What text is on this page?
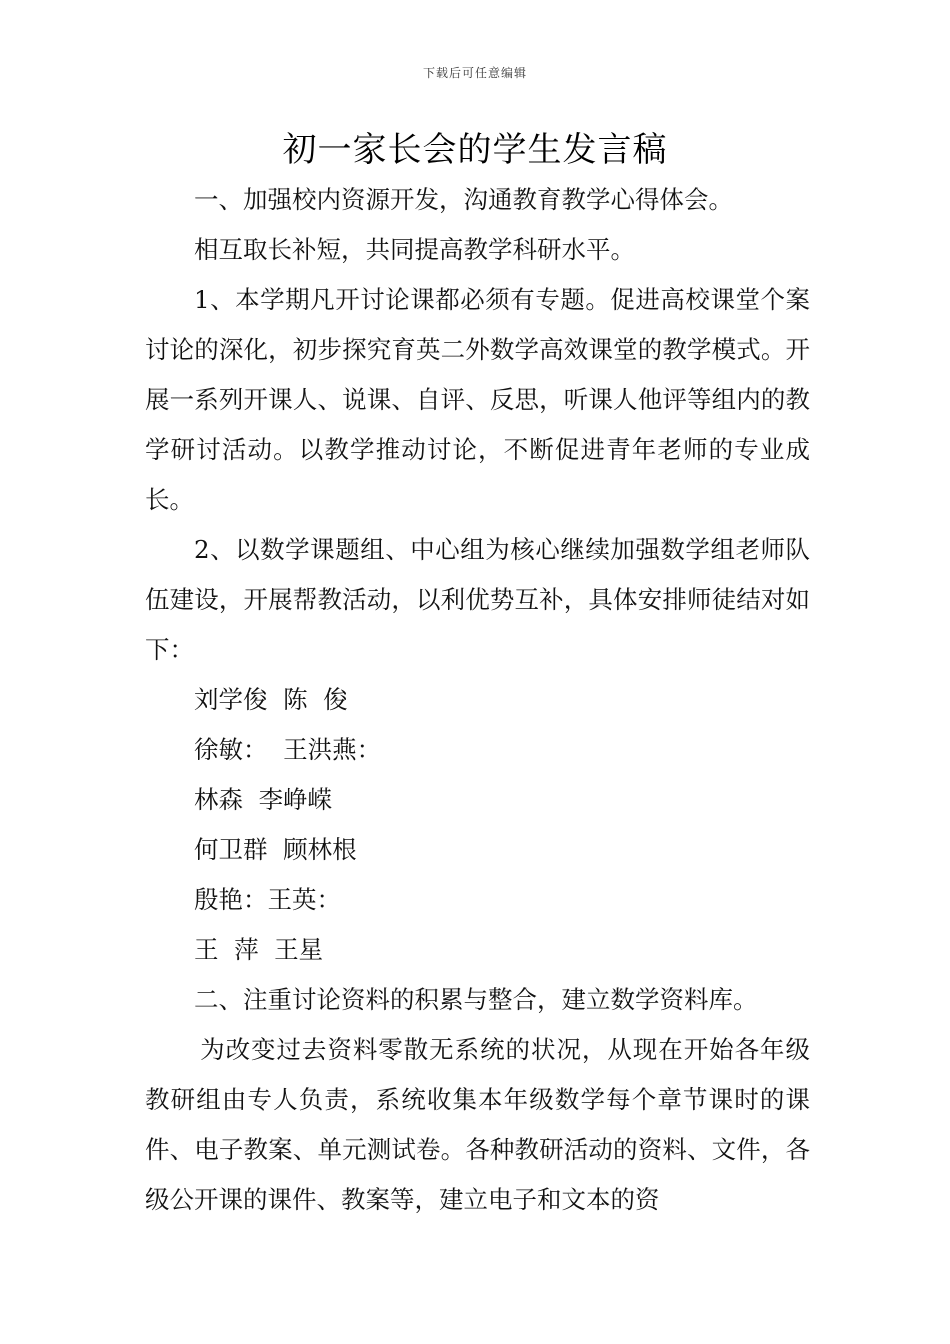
下载后可任意编辑
初一家长会的学生发言稿

一、加强校内资源开发，沟通教育教学心得体会。

相互取长补短，共同提高教学科研水平。

1、本学期凡开讨论课都必须有专题。促进高校课堂个案讨论的深化，初步探究育英二外数学高效课堂的教学模式。开展一系列开课人、说课、自评、反思，听课人他评等组内的教学研讨活动。以教学推动讨论，不断促进青年老师的专业成长。

2、以数学课题组、中心组为核心继续加强数学组老师队伍建设，开展帮教活动，以利优势互补，具体安排师徒结对如下：

刘学俊  陈  俊

徐敏：  王洪燕：

林森  李峥嵘

何卫群  顾林根

殷艳：王英：

王  萍  王星

二、注重讨论资料的积累与整合，建立数学资料库。

为改变过去资料零散无系统的状况，从现在开始各年级教研组由专人负责，系统收集本年级数学每个章节课时的课件、电子教案、单元测试卷。各种教研活动的资料、文件，各级公开课的课件、教案等，建立电子和文本的资
